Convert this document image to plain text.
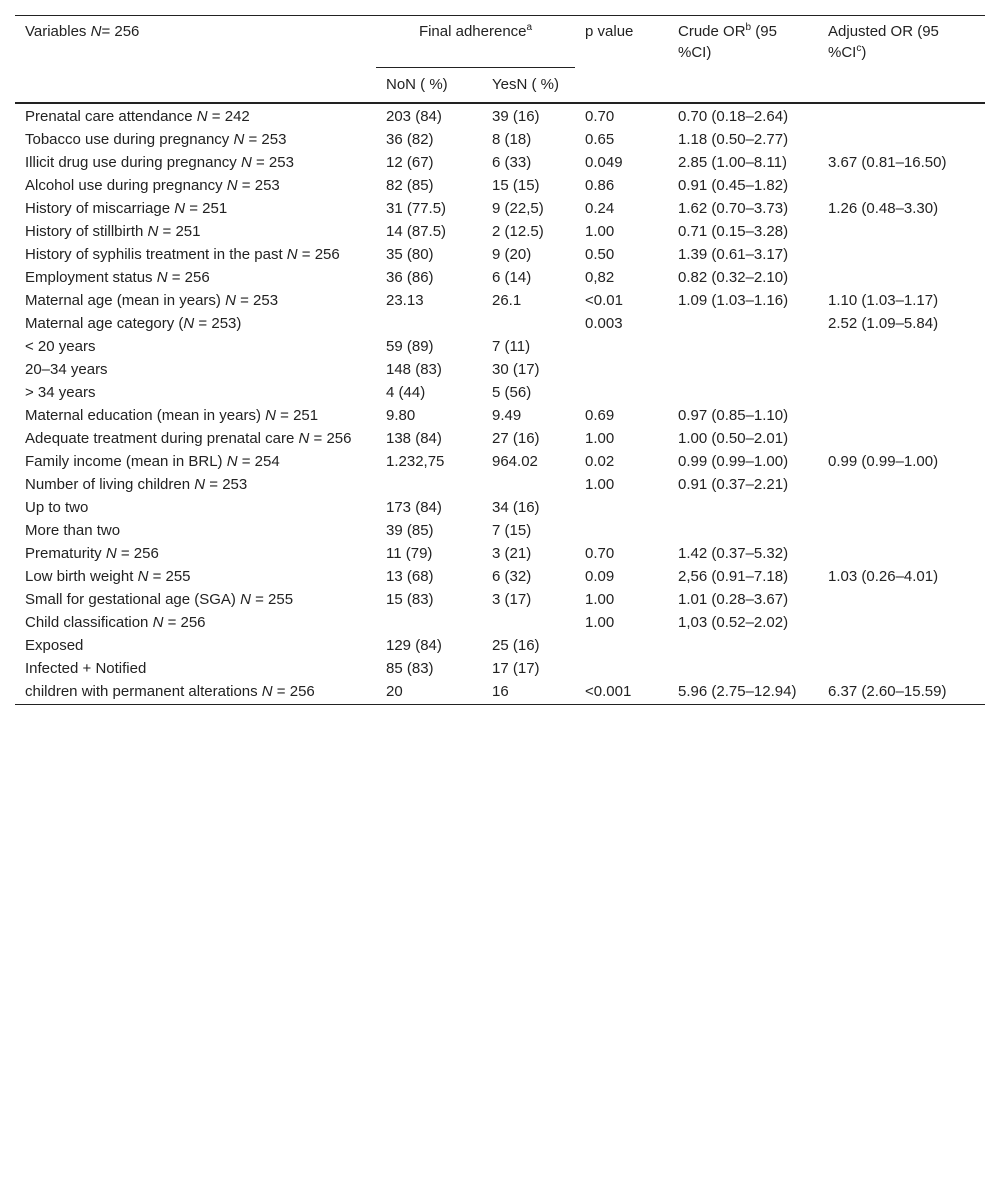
Variables N= 256	Final adherence$^a$		p value	Crude $OR^b$ (95 %CI)	Adjusted OR (95 $\%CI^c$)
	NoN ( %)	YesN ( %)			
Prenatal care attendance N = 242	203 (84)	39 (16)	0.70	0.70 (0.18–2.64)	
Tobacco use during pregnancy N = 253	36 (82)	8 (18)	0.65	1.18 (0.50–2.77)	
Illicit drug use during pregnancy N = 253	12 (67)	6 (33)	0.049	2.85 (1.00–8.11)	3.67 (0.81–16.50)
Alcohol use during pregnancy N = 253	82 (85)	15 (15)	0.86	0.91 (0.45–1.82)	
History of miscarriage N = 251	31 (77.5)	9 (22,5)	0.24	1.62 (0.70–3.73)	1.26 (0.48–3.30)
History of stillbirth N = 251	14 (87.5)	2 (12.5)	1.00	0.71 (0.15–3.28)	
History of syphilis treatment in the past N = 256	35 (80)	9 (20)	0.50	1.39 (0.61–3.17)	
Employment status N = 256	36 (86)	6 (14)	0,82	0.82 (0.32–2.10)	
Maternal age (mean in years) N = 253	23.13	26.1	<0.01	1.09 (1.03–1.16)	1.10 (1.03–1.17)
Maternal age category (N = 253)			0.003		2.52 (1.09–5.84)
< 20 years	59 (89)	7 (11)			
20–34 years	148 (83)	30 (17)			
> 34 years	4 (44)	5 (56)			
Maternal education (mean in years) N = 251	9.80	9.49	0.69	0.97 (0.85–1.10)	
Adequate treatment during prenatal care N = 256	138 (84)	27 (16)	1.00	1.00 (0.50–2.01)	
Family income (mean in BRL) N = 254	1.232,75	964.02	0.02	0.99 (0.99–1.00)	0.99 (0.99–1.00)
Number of living children N = 253			1.00	0.91 (0.37–2.21)	
Up to two	173 (84)	34 (16)			
More than two	39 (85)	7 (15)			
Prematurity N = 256	11 (79)	3 (21)	0.70	1.42 (0.37–5.32)	
Low birth weight N = 255	13 (68)	6 (32)	0.09	2,56 (0.91–7.18)	1.03 (0.26–4.01)
Small for gestational age (SGA) N = 255	15 (83)	3 (17)	1.00	1.01 (0.28–3.67)	
Child classification N = 256			1.00	1,03 (0.52–2.02)	
Exposed	129 (84)	25 (16)			
Infected + Notified	85 (83)	17 (17)			
children with permanent alterations N = 256	20	16	<0.001	5.96 (2.75–12.94)	6.37 (2.60–15.59)
